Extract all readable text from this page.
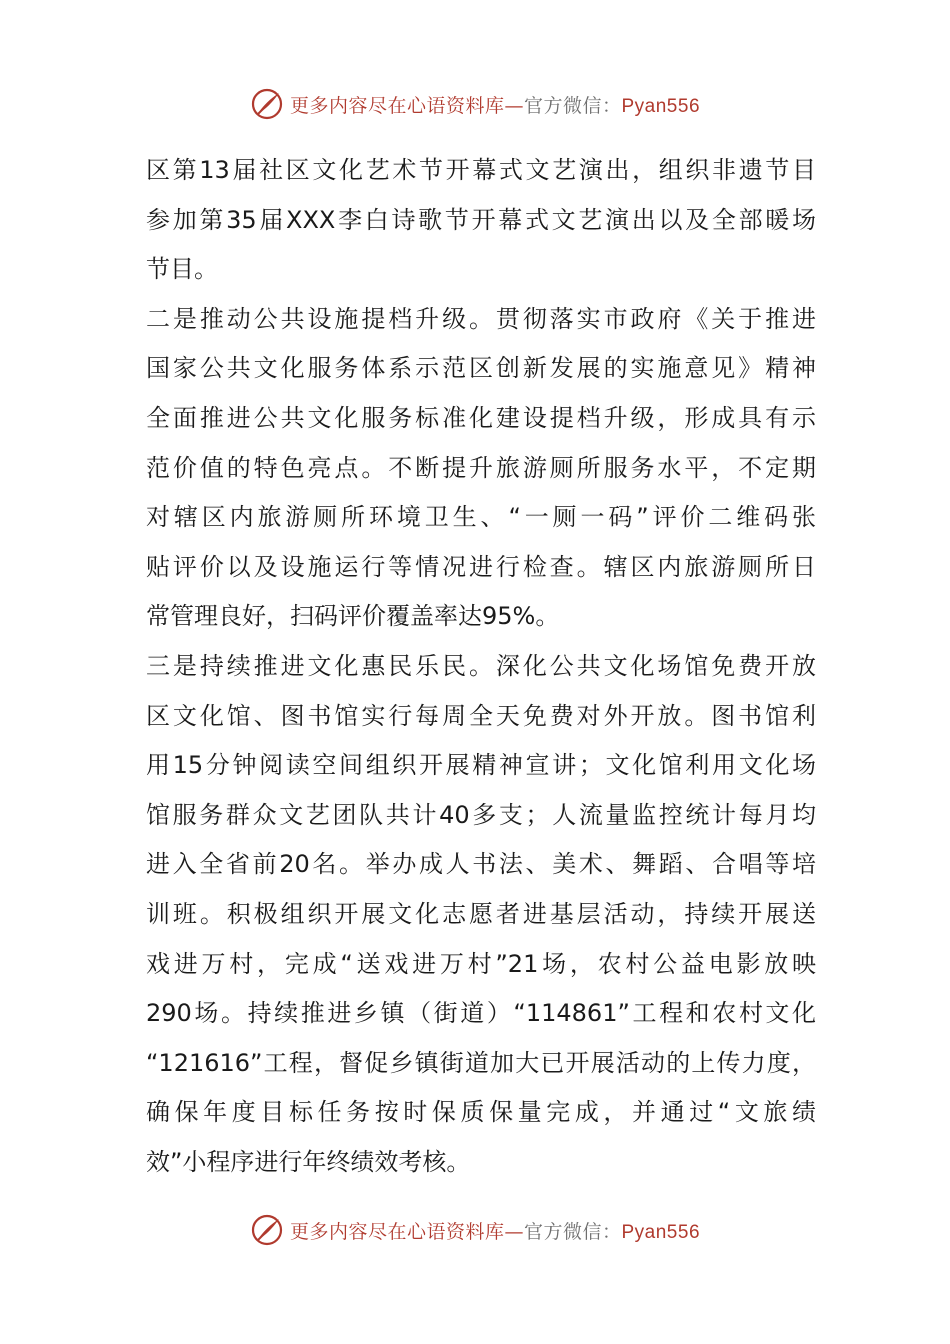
更多内容尽在心语资料库—官方微信：Pyan556
区第13届社区文化艺术节开幕式文艺演出，组织非遗节目
参加第35届XXX李白诗歌节开幕式文艺演出以及全部暖场
节目。
二是推动公共设施提档升级。贯彻落实市政府《关于推进
国家公共文化服务体系示范区创新发展的实施意见》精神
全面推进公共文化服务标准化建设提档升级，形成具有示
范价值的特色亮点。不断提升旅游厕所服务水平，不定期
对辖区内旅游厕所环境卫生、“一厕一码”评价二维码张
贴评价以及设施运行等情况进行检查。辖区内旅游厕所日
常管理良好，扫码评价覆盖率达95%。
三是持续推进文化惠民乐民。深化公共文化场馆免费开放
区文化馆、图书馆实行每周全天免费对外开放。图书馆利
用15分钟阅读空间组织开展精神宣讲；文化馆利用文化场
馆服务群众文艺团队共计40多支；人流量监控统计每月均
进入全省前20名。举办成人书法、美术、舞蹈、合唱等培
训班。积极组织开展文化志愿者进基层活动，持续开展送
戏进万村，完成“送戏进万村”21场，农村公益电影放映
290场。持续推进乡镇（街道）“114861”工程和农村文化
“121616”工程，督促乡镇街道加大已开展活动的上传力度，
确保年度目标任务按时保质保量完成，并通过“文旅绩
效”小程序进行年终绩效考核。
更多内容尽在心语资料库—官方微信：Pyan556
